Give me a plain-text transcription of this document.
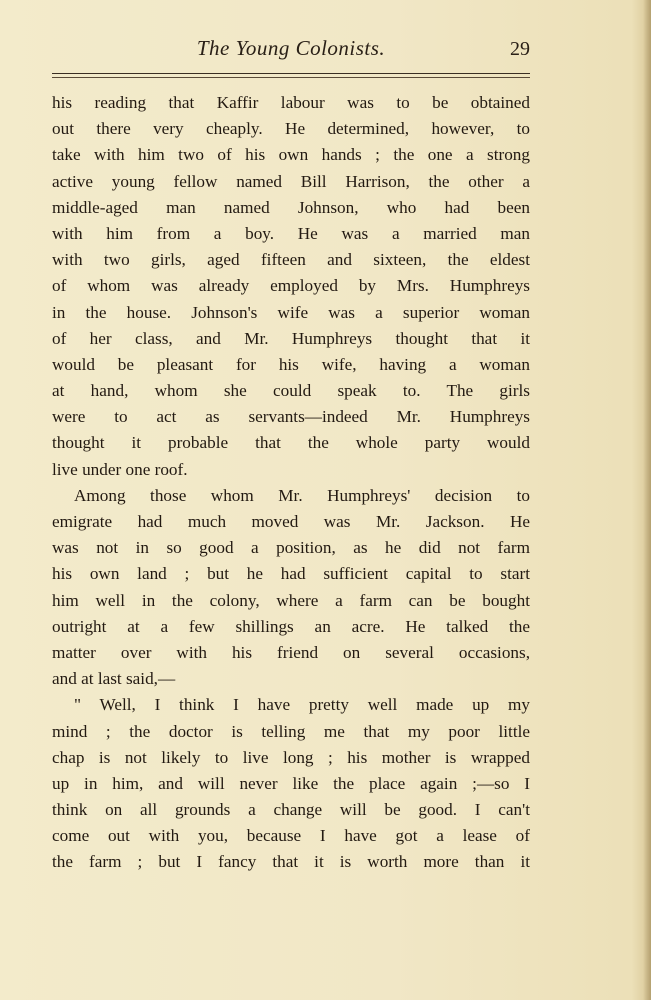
The Young Colonists.	29
his reading that Kaffir labour was to be obtained
out there very cheaply. He determined, however, to
take with him two of his own hands ; the one a strong
active young fellow named Bill Harrison, the other a
middle-aged man named Johnson, who had been
with him from a boy. He was a married man
with two girls, aged fifteen and sixteen, the eldest
of whom was already employed by Mrs. Humphreys
in the house. Johnson's wife was a superior woman
of her class, and Mr. Humphreys thought that it
would be pleasant for his wife, having a woman
at hand, whom she could speak to. The girls
were to act as servants—indeed Mr. Humphreys
thought it probable that the whole party would
live under one roof.
Among those whom Mr. Humphreys' decision to
emigrate had much moved was Mr. Jackson. He
was not in so good a position, as he did not farm
his own land ; but he had sufficient capital to start
him well in the colony, where a farm can be bought
outright at a few shillings an acre. He talked the
matter over with his friend on several occasions,
and at last said,—
" Well, I think I have pretty well made up my
mind ; the doctor is telling me that my poor little
chap is not likely to live long ; his mother is wrapped
up in him, and will never like the place again ;—so I
think on all grounds a change will be good. I can't
come out with you, because I have got a lease of
the farm ; but I fancy that it is worth more than it
